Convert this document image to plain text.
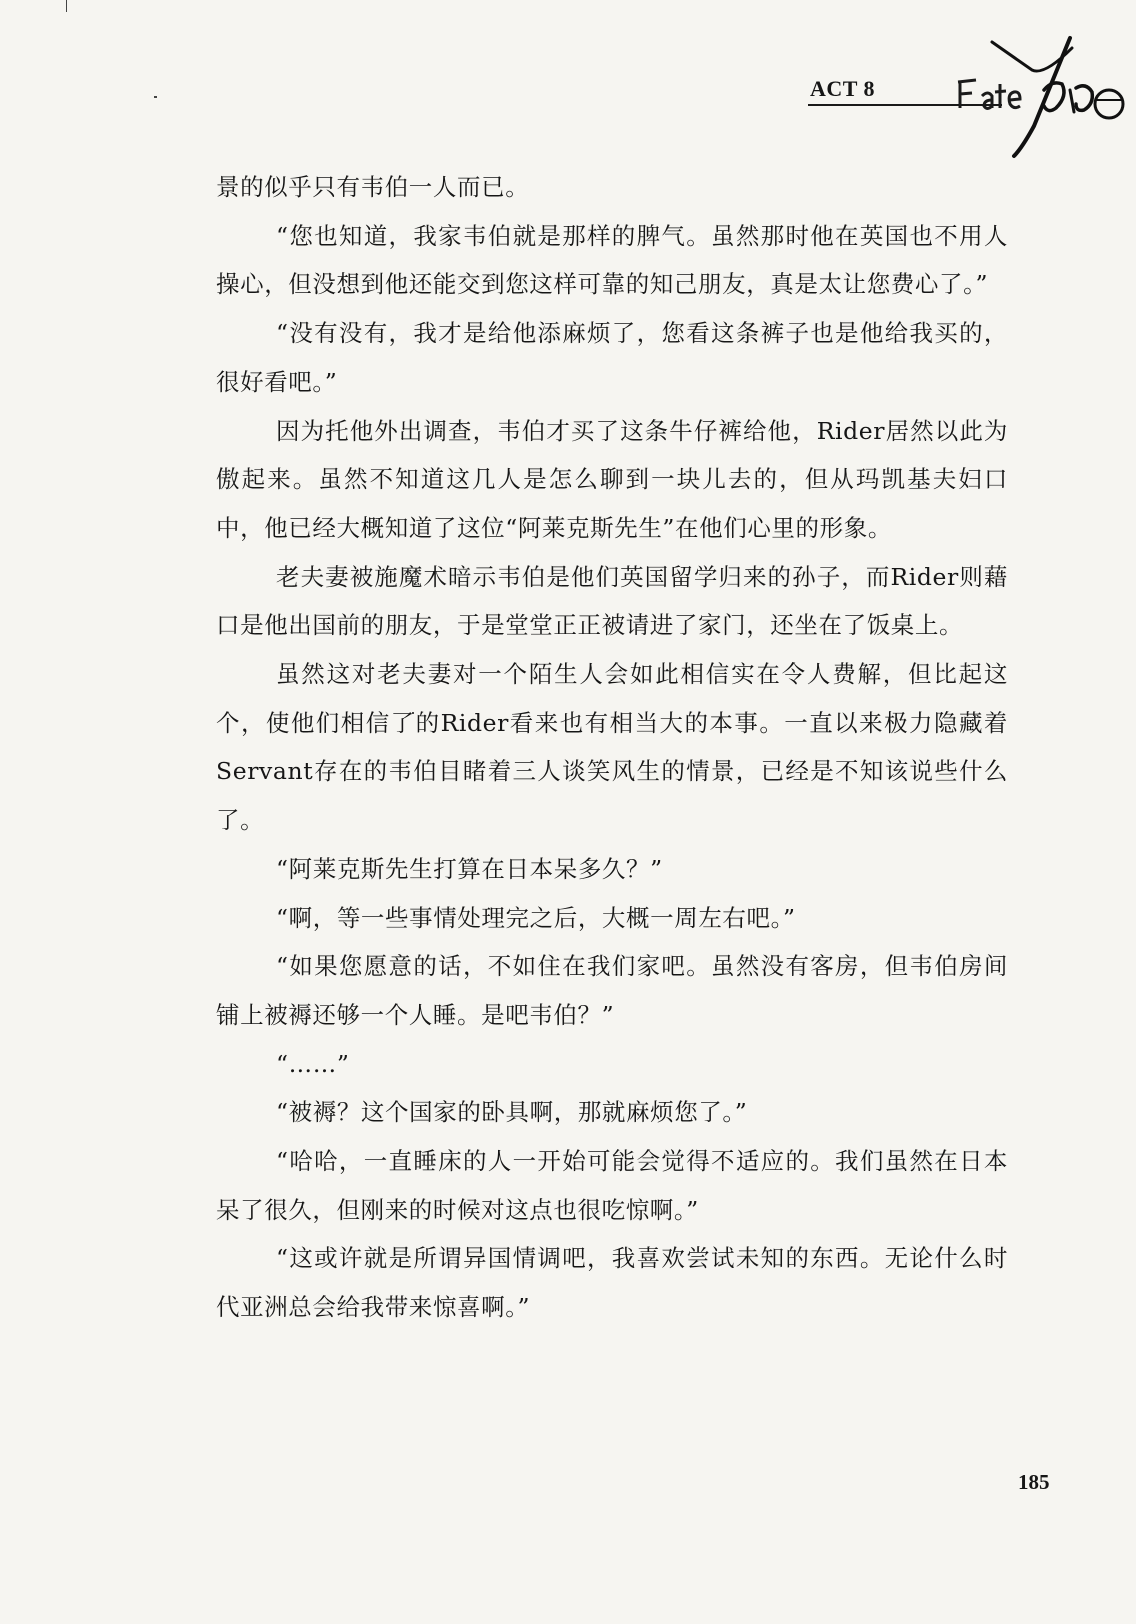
ACT 8

景的似乎只有韦伯一人而已。

“您也知道，我家韦伯就是那样的脾气。虽然那时他在英国也不用人操心，但没想到他还能交到您这样可靠的知己朋友，真是太让您费心了。”

“没有没有，我才是给他添麻烦了，您看这条裤子也是他给我买的，很好看吧。”

因为托他外出调查，韦伯才买了这条牛仔裤给他，Rider居然以此为傲起来。虽然不知道这几人是怎么聊到一块儿去的，但从玛凯基夫妇口中，他已经大概知道了这位“阿莱克斯先生”在他们心里的形象。

老夫妻被施魔术暗示韦伯是他们英国留学归来的孙子，而Rider则藉口是他出国前的朋友，于是堂堂正正被请进了家门，还坐在了饭桌上。

虽然这对老夫妻对一个陌生人会如此相信实在令人费解，但比起这个，使他们相信了的Rider看来也有相当大的本事。一直以来极力隐藏着Servant存在的韦伯目睹着三人谈笑风生的情景，已经是不知该说些什么了。

“阿莱克斯先生打算在日本呆多久？”

“啊，等一些事情处理完之后，大概一周左右吧。”

“如果您愿意的话，不如住在我们家吧。虽然没有客房，但韦伯房间铺上被褥还够一个人睡。是吧韦伯？”

“……”

“被褥？这个国家的卧具啊，那就麻烦您了。”

“哈哈，一直睡床的人一开始可能会觉得不适应的。我们虽然在日本呆了很久，但刚来的时候对这点也很吃惊啊。”

“这或许就是所谓异国情调吧，我喜欢尝试未知的东西。无论什么时代亚洲总会给我带来惊喜啊。”

185
